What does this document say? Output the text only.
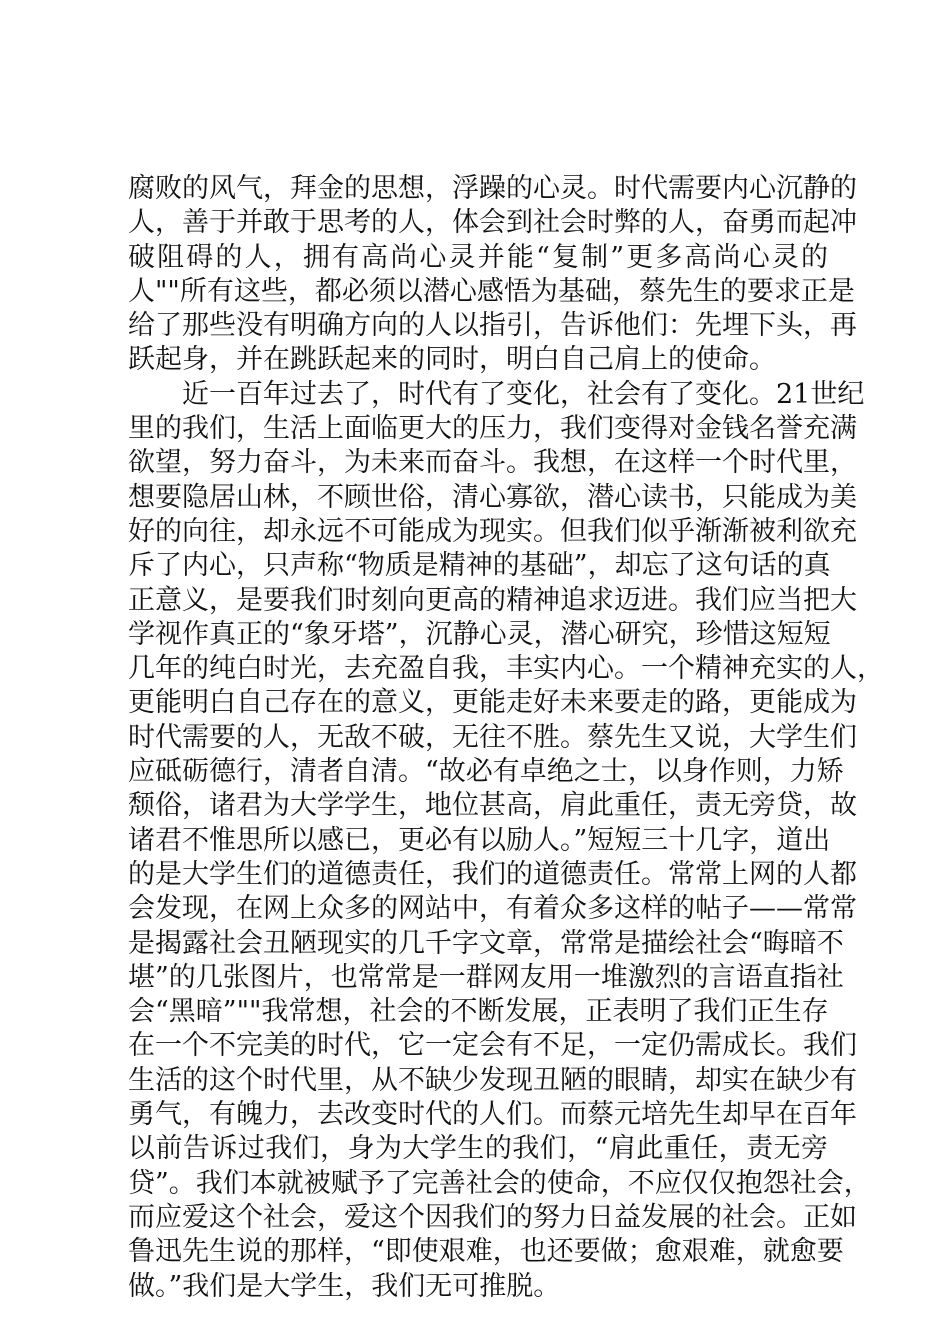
腐败的风气，拜金的思想，浮躁的心灵。时代需要内心沉静的
人，善于并敢于思考的人，体会到社会时弊的人，奋勇而起冲
破阻碍的人，拥有高尚心灵并能“复制”更多高尚心灵的
人""所有这些，都必须以潜心感悟为基础，蔡先生的要求正是
给了那些没有明确方向的人以指引，告诉他们：先埋下头，再
跃起身，并在跳跃起来的同时，明白自己肩上的使命。
近一百年过去了，时代有了变化，社会有了变化。21世纪
里的我们，生活上面临更大的压力，我们变得对金钱名誉充满
欲望，努力奋斗，为未来而奋斗。我想，在这样一个时代里，
想要隐居山林，不顾世俗，清心寡欲，潜心读书，只能成为美
好的向往，却永远不可能成为现实。但我们似乎渐渐被利欲充
斥了内心，只声称“物质是精神的基础”，却忘了这句话的真
正意义，是要我们时刻向更高的精神追求迈进。我们应当把大
学视作真正的“象牙塔”，沉静心灵，潜心研究，珍惜这短短
几年的纯白时光，去充盈自我，丰实内心。一个精神充实的人，
更能明白自己存在的意义，更能走好未来要走的路，更能成为
时代需要的人，无敌不破，无往不胜。蔡先生又说，大学生们
应砥砺德行，清者自清。“故必有卓绝之士，以身作则，力矫
颓俗，诸君为大学学生，地位甚高，肩此重任，责无旁贷，故
诸君不惟思所以感已，更必有以励人。”短短三十几字，道出
的是大学生们的道德责任，我们的道德责任。常常上网的人都
会发现，在网上众多的网站中，有着众多这样的帖子——常常
是揭露社会丑陋现实的几千字文章，常常是描绘社会“晦暗不
堪”的几张图片，也常常是一群网友用一堆激烈的言语直指社
会“黑暗”""我常想，社会的不断发展，正表明了我们正生存
在一个不完美的时代，它一定会有不足，一定仍需成长。我们
生活的这个时代里，从不缺少发现丑陋的眼睛，却实在缺少有
勇气，有魄力，去改变时代的人们。而蔡元培先生却早在百年
以前告诉过我们，身为大学生的我们，“肩此重任，责无旁
贷”。我们本就被赋予了完善社会的使命，不应仅仅抱怨社会，
而应爱这个社会，爱这个因我们的努力日益发展的社会。正如
鲁迅先生说的那样，“即使艰难，也还要做；愈艰难，就愈要
做。”我们是大学生，我们无可推脱。
